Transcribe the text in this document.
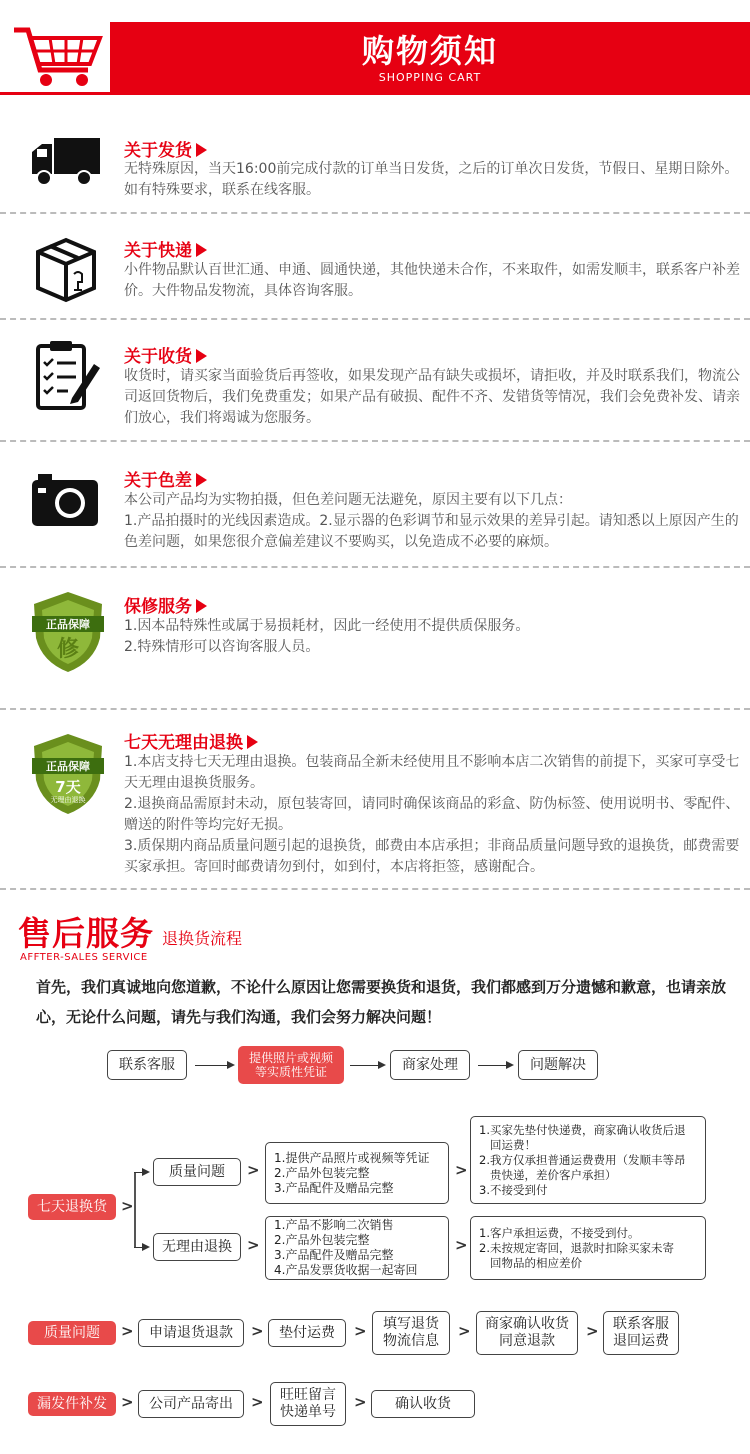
购物须知
SHOPPING CART
关于发货
无特殊原因，当天16:00前完成付款的订单当日发货，之后的订单次日发货，节假日、星期日除外。如有特殊要求，联系在线客服。
关于快递
小件物品默认百世汇通、申通、圆通快递，其他快递未合作，不来取件，如需发顺丰，联系客户补差价。大件物品发物流，具体咨询客服。
关于收货
收货时，请买家当面验货后再签收，如果发现产品有缺失或损坏，请拒收，并及时联系我们，物流公司返回货物后，我们免费重发；如果产品有破损、配件不齐、发错货等情况，我们会免费补发、请亲们放心，我们将竭诚为您服务。
关于色差
本公司产品均为实物拍摄，但色差问题无法避免，原因主要有以下几点：
1.产品拍摄时的光线因素造成。2.显示器的色彩调节和显示效果的差异引起。请知悉以上原因产生的色差问题，如果您很介意偏差建议不要购买，以免造成不必要的麻烦。
正品保障
修
保修服务
1.因本品特殊性或属于易损耗材，因此一经使用不提供质保服务。
2.特殊情形可以咨询客服人员。
正品保障
7天
无理由退换
七天无理由退换
1.本店支持七天无理由退换。包装商品全新未经使用且不影响本店二次销售的前提下，买家可享受七天无理由退换货服务。
2.退换商品需原封未动，原包装寄回，请同时确保该商品的彩盒、防伪标签、使用说明书、零配件、赠送的附件等均完好无损。
3.质保期内商品质量问题引起的退换货，邮费由本店承担；非商品质量问题导致的退换货，邮费需要买家承担。寄回时邮费请勿到付，如到付，本店将拒签，感谢配合。
售后服务 退换货流程
AFFTER-SALES SERVICE
首先，我们真诚地向您道歉，不论什么原因让您需要换货和退货，我们都感到万分遗憾和歉意，也请亲放心，无论什么问题，请先与我们沟通，我们会努力解决问题！
联系客服	提供照片或视频
等实质性凭证	商家处理	问题解决
七天退换货 >
质量问题	>
1.提供产品照片或视频等凭证
2.产品外包装完整
3.产品配件及赠品完整
>
1.买家先垫付快递费，商家确认收货后退
回运费！
2.我方仅承担普通运费费用（发顺丰等昂
贵快递，差价客户承担）
3.不接受到付
无理由退换	>
1.产品不影响二次销售
2.产品外包装完整
3.产品配件及赠品完整
4.产品发票货收据一起寄回
>
1.客户承担运费，不接受到付。
2.未按规定寄回，退款时扣除买家未寄
回物品的相应差价
质量问题	>	申请退货退款	>	垫付运费	>	填写退货
物流信息
>	商家确认收货
同意退款
>	联系客服
退回运费
漏发件补发 >	公司产品寄出	>	旺旺留言
快递单号
>	确认收货
